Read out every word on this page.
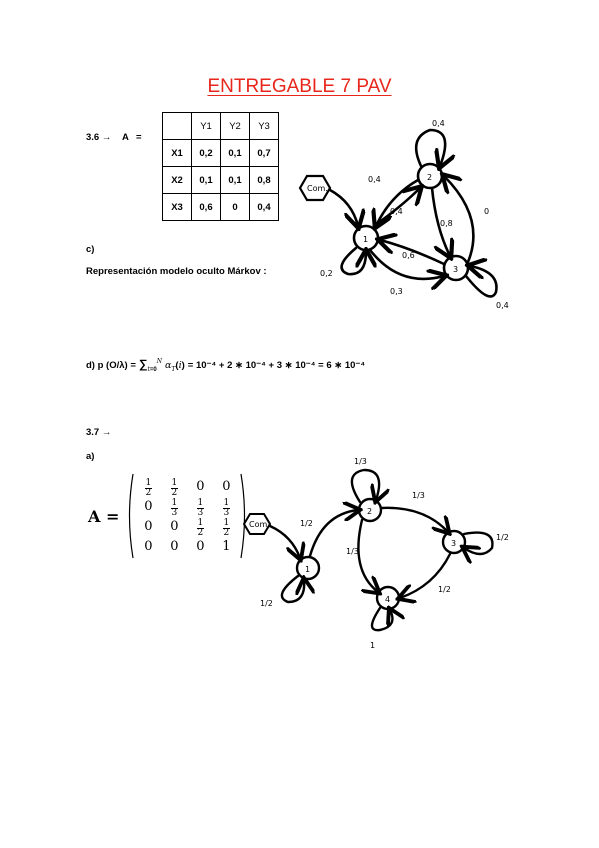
ENTREGABLE 7 PAV
3.6 → A =
	Y1	Y2	Y3
X1	0,2	0,1	0,7
X2	0,1	0,1	0,8
X3	0,6	0	0,4
c)
Representación modelo oculto Márkov :
Com.
1
2
3
0,4
0,2
0,4
0,4
0,4
0,8
0
0,6
0,3
d) p $(O/\lambda) = \sum_{t=0}^N$ $\alpha_T(i) = 10^{-4} + 2$ ∗ 10⁻⁴ + 3 ∗ 10⁻⁴ = 6 ∗ 10⁻⁴
3.7 →
a)
A =
$\frac{1}{2} \frac{1}{2} 0$ 0
$0 \frac{1}{3} \frac{1}{3} \frac{1}{3}$
0 $0 \frac{1}{2} \frac{1}{2}$
0 0 0 1
Com.
1
2
3
4
1/2
1/2
1/3
1/3
1/3
1/2
1/2
1
